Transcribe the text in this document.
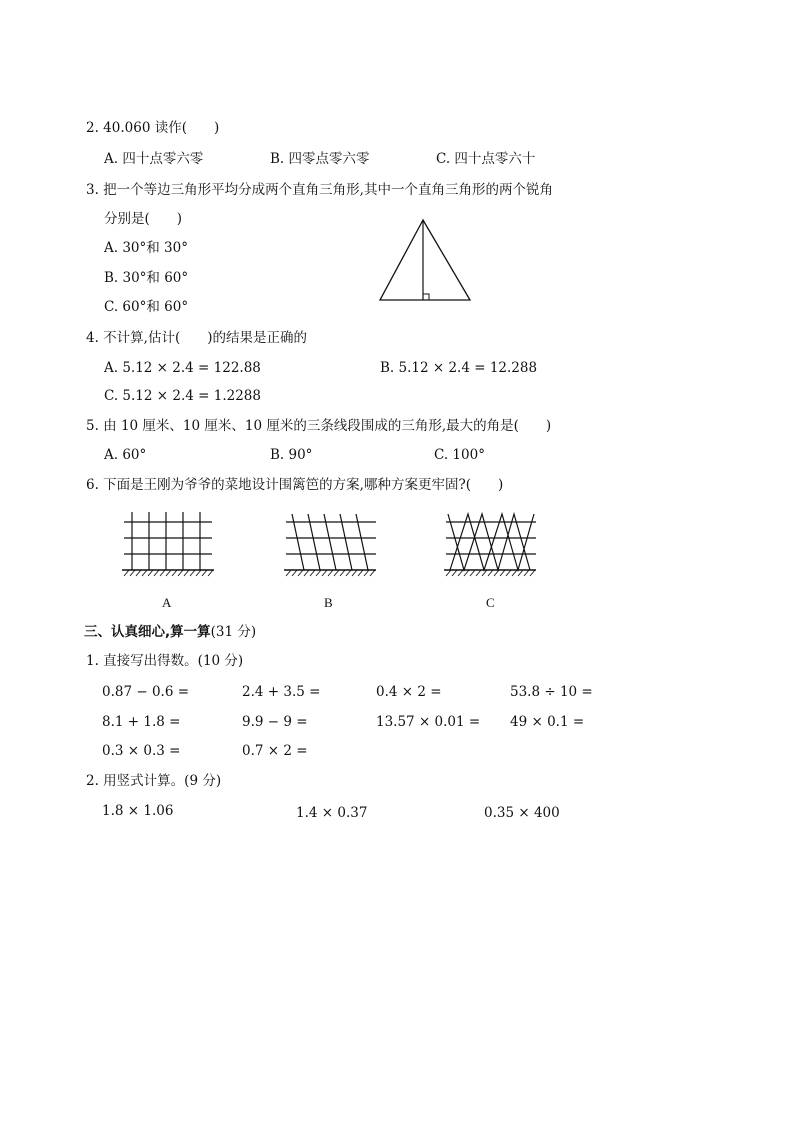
2. 40.060 读作(　　)
A. 四十点零六零	B. 四零点零六零	C. 四十点零六十
3. 把一个等边三角形平均分成两个直角三角形,其中一个直角三角形的两个锐角
分别是(　　)
A. 30°和 30°
B. 30°和 60°
C. 60°和 60°
4. 不计算,估计(　　)的结果是正确的
A. 5.12 × 2.4 = 122.88	B. 5.12 × 2.4 = 12.288
C. 5.12 × 2.4 = 1.2288
5. 由 10 厘米、10 厘米、10 厘米的三条线段围成的三角形,最大的角是(　　)
A. 60°	B. 90°	C. 100°
6. 下面是王刚为爷爷的菜地设计围篱笆的方案,哪种方案更牢固?(　　)
A	B	C
三、认真细心,算一算(31 分)
1. 直接写出得数。(10 分)
0.87 − 0.6 =	2.4 + 3.5 =	0.4 × 2 =	53.8 ÷ 10 =
8.1 + 1.8 =	9.9 − 9 =	13.57 × 0.01 = 49 × 0.1 =
0.3 × 0.3 =	0.7 × 2 =
2. 用竖式计算。(9 分)
1.8 × 1.06	1.4 × 0.37	0.35 × 400
